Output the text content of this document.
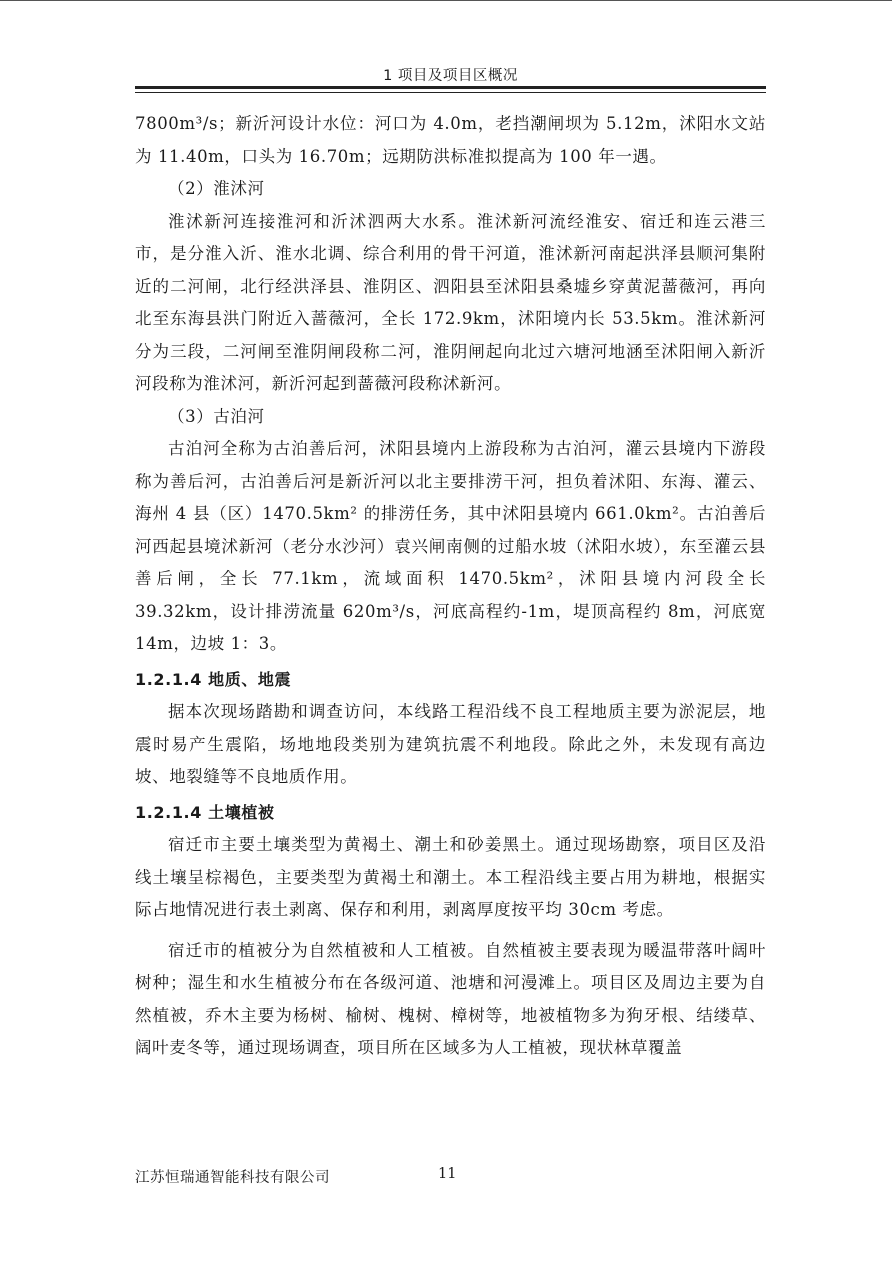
1 项目及项目区概况

7800m³/s；新沂河设计水位：河口为 4.0m，老挡潮闸坝为 5.12m，沭阳水文站为 11.40m，口头为 16.70m；远期防洪标准拟提高为 100 年一遇。

（2）淮沭河

淮沭新河连接淮河和沂沭泗两大水系。淮沭新河流经淮安、宿迁和连云港三市，是分淮入沂、淮水北调、综合利用的骨干河道，淮沭新河南起洪泽县顺河集附近的二河闸，北行经洪泽县、淮阴区、泗阳县至沭阳县桑墟乡穿黄泥蔷薇河，再向北至东海县洪门附近入蔷薇河，全长 172.9km，沭阳境内长 53.5km。淮沭新河分为三段，二河闸至淮阴闸段称二河，淮阴闸起向北过六塘河地涵至沭阳闸入新沂河段称为淮沭河，新沂河起到蔷薇河段称沭新河。

（3）古泊河

古泊河全称为古泊善后河，沭阳县境内上游段称为古泊河，灌云县境内下游段称为善后河，古泊善后河是新沂河以北主要排涝干河，担负着沭阳、东海、灌云、海州 4 县（区）1470.5km² 的排涝任务，其中沭阳县境内 661.0km²。古泊善后河西起县境沭新河（老分水沙河）袁兴闸南侧的过船水坡（沭阳水坡），东至灌云县善后闸，全长 77.1km，流域面积 1470.5km²，沭阳县境内河段全长 39.32km，设计排涝流量 620m³/s，河底高程约-1m，堤顶高程约 8m，河底宽 14m，边坡 1：3。

1.2.1.4 地质、地震

据本次现场踏勘和调查访问，本线路工程沿线不良工程地质主要为淤泥层，地震时易产生震陷，场地地段类别为建筑抗震不利地段。除此之外，未发现有高边坡、地裂缝等不良地质作用。

1.2.1.4 土壤植被

宿迁市主要土壤类型为黄褐土、潮土和砂姜黑土。通过现场勘察，项目区及沿线土壤呈棕褐色，主要类型为黄褐土和潮土。本工程沿线主要占用为耕地，根据实际占地情况进行表土剥离、保存和利用，剥离厚度按平均 30cm 考虑。

宿迁市的植被分为自然植被和人工植被。自然植被主要表现为暖温带落叶阔叶树种；湿生和水生植被分布在各级河道、池塘和河漫滩上。项目区及周边主要为自然植被，乔木主要为杨树、榆树、槐树、樟树等，地被植物多为狗牙根、结缕草、阔叶麦冬等，通过现场调查，项目所在区域多为人工植被，现状林草覆盖

江苏恒瑞通智能科技有限公司	11
